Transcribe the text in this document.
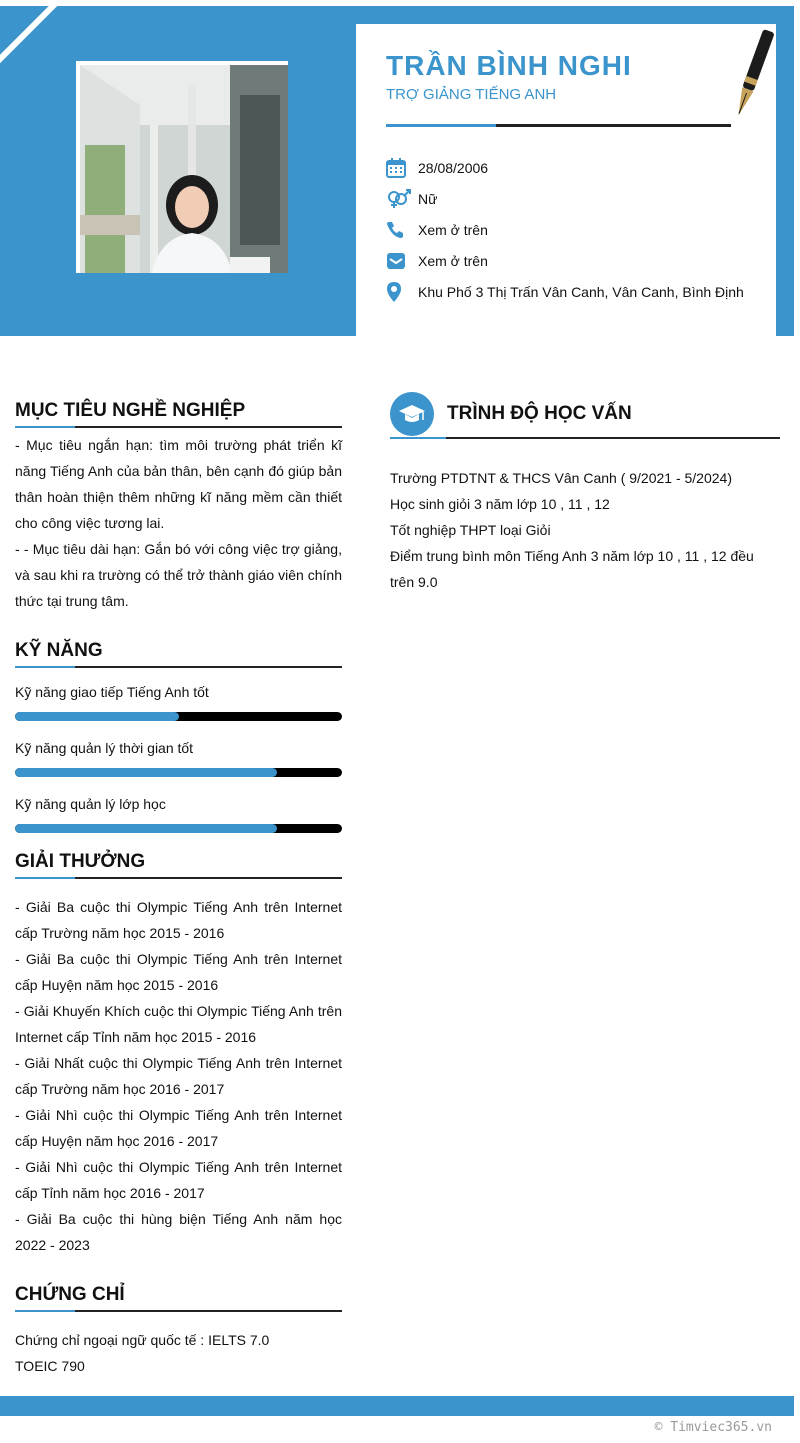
TRẦN BÌNH NGHI
TRỢ GIẢNG TIẾNG ANH
28/08/2006
Nữ
Xem ở trên
Xem ở trên
Khu Phố 3 Thị Trấn Vân Canh, Vân Canh, Bình Định
MỤC TIÊU NGHỀ NGHIỆP

- Mục tiêu ngắn hạn: tìm môi trường phát triển kĩ năng Tiếng Anh của bản thân, bên cạnh đó giúp bản thân hoàn thiện thêm những kĩ năng mềm cần thiết cho công việc tương lai.

- - Mục tiêu dài hạn: Gắn bó với công việc trợ giảng, và sau khi ra trường có thể trở thành giáo viên chính thức tại trung tâm.

KỸ NĂNG

Kỹ năng giao tiếp Tiếng Anh tốt

Kỹ năng quản lý thời gian tốt

Kỹ năng quản lý lớp học

GIẢI THƯỞNG

- Giải Ba cuộc thi Olympic Tiếng Anh trên Internet cấp Trường năm học 2015 - 2016

- Giải Ba cuộc thi Olympic Tiếng Anh trên Internet cấp Huyện năm học 2015 - 2016

- Giải Khuyến Khích cuộc thi Olympic Tiếng Anh trên Internet cấp Tỉnh năm học 2015 - 2016

- Giải Nhất cuộc thi Olympic Tiếng Anh trên Internet cấp Trường năm học 2016 - 2017

- Giải Nhì cuộc thi Olympic Tiếng Anh trên Internet cấp Huyện năm học 2016 - 2017

- Giải Nhì cuộc thi Olympic Tiếng Anh trên Internet cấp Tỉnh năm học 2016 - 2017

- Giải Ba cuộc thi hùng biện Tiếng Anh năm học 2022 - 2023

CHỨNG CHỈ

Chứng chỉ ngoại ngữ quốc tế : IELTS 7.0

TOEIC 790

TRÌNH ĐỘ HỌC VẤN

Trường PTDTNT & THCS Vân Canh ( 9/2021 - 5/2024)

Học sinh giỏi 3 năm lớp 10 , 11 , 12

Tốt nghiệp THPT loại Giỏi

Điểm trung bình môn Tiếng Anh 3 năm lớp 10 , 11 , 12 đều trên 9.0

© Timviec365.vn
